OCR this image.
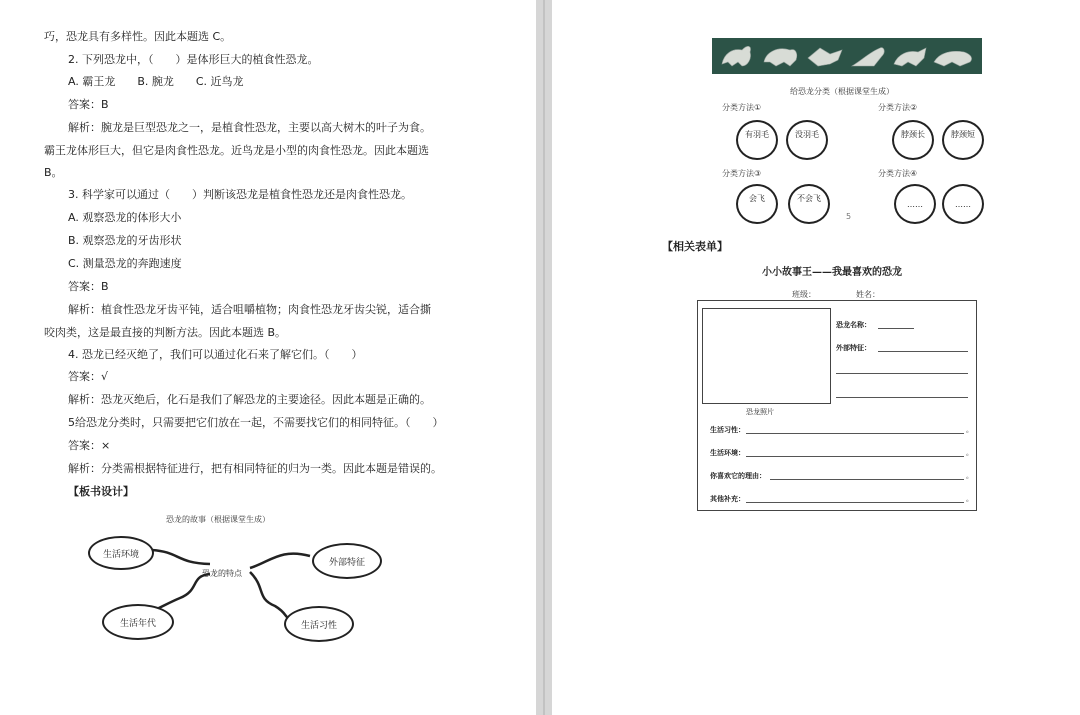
巧，恐龙具有多样性。因此本题选 C。
2. 下列恐龙中，（　　）是体形巨大的植食性恐龙。
A. 霸王龙　　B. 腕龙　　C. 近鸟龙
答案：B
解析：腕龙是巨型恐龙之一，是植食性恐龙，主要以高大树木的叶子为食。
霸王龙体形巨大，但它是肉食性恐龙。近鸟龙是小型的肉食性恐龙。因此本题选
B。
3. 科学家可以通过（　　）判断该恐龙是植食性恐龙还是肉食性恐龙。
A. 观察恐龙的体形大小
B. 观察恐龙的牙齿形状
C. 测量恐龙的奔跑速度
答案：B
解析：植食性恐龙牙齿平钝，适合咀嚼植物；肉食性恐龙牙齿尖锐，适合撕
咬肉类，这是最直接的判断方法。因此本题选 B。
4. 恐龙已经灭绝了，我们可以通过化石来了解它们。（　　）
答案：√
解析：恐龙灭绝后，化石是我们了解恐龙的主要途径。因此本题是正确的。
5给恐龙分类时，只需要把它们放在一起，不需要找它们的相同特征。（　　）
答案：×
解析：分类需根据特征进行，把有相同特征的归为一类。因此本题是错误的。
【板书设计】
恐龙的故事（根据课堂生成）
恐龙的特点
生活环境
外部特征
生活年代	生活习性
给恐龙分类（根据课堂生成）
分类方法①
有羽毛	没羽毛
分类方法②
脖颈长	脖颈短
分类方法③
会飞	不会飞
分类方法④
……	……
5
【相关表单】
小小故事王——我最喜欢的恐龙
班级：	姓名：
恐龙照片
恐龙名称：
外部特征：
生活习性：	。
生活环境：	。
你喜欢它的理由：	。
其他补充：	。
